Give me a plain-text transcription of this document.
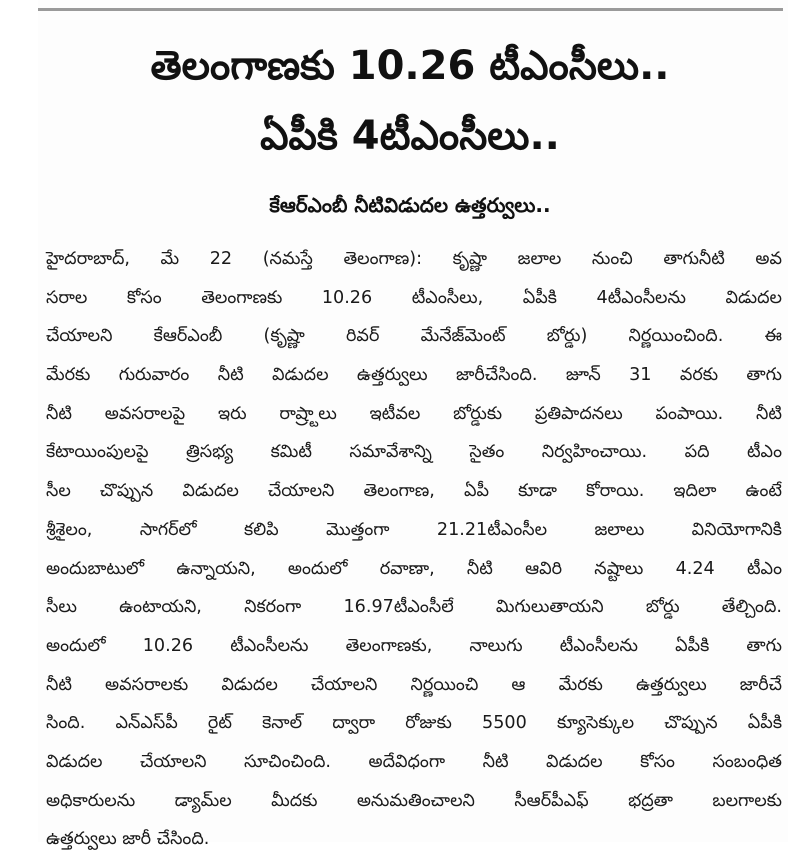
తెలంగాణకు 10.26 టీఎంసీలు..
ఏపీకి 4టీఎంసీలు..
కేఆర్‌ఎంబీ నీటివిడుదల ఉత్తర్వులు..
హైదరాబాద్, మే 22 (నమస్తే తెలంగాణ): కృష్ణా జలాల నుంచి తాగునీటి అవ
సరాల కోసం తెలంగాణకు 10.26 టీఎంసీలు, ఏపీకి 4టీఎంసీలను విడుదల
చేయాలని కేఆర్ఎంబీ (కృష్ణా రివర్ మేనేజ్‌మెంట్ బోర్డు) నిర్ణయించింది. ఈ
మేరకు గురువారం నీటి విడుదల ఉత్తర్వులు జారీచేసింది. జూన్ 31 వరకు తాగు
నీటి అవసరాలపై ఇరు రాష్ర్టాలు ఇటీవల బోర్డుకు ప్రతిపాదనలు పంపాయి. నీటి
కేటాయింపులపై త్రిసభ్య కమిటీ సమావేశాన్ని సైతం నిర్వహించాయి. పది టీఎం
సీల చొప్పున విడుదల చేయాలని తెలంగాణ, ఏపీ కూడా కోరాయి. ఇదిలా ఉంటే
శ్రీశైలం, సాగర్‌లో కలిపి మొత్తంగా 21.21టీఎంసీల జలాలు వినియోగానికి
అందుబాటులో ఉన్నాయని, అందులో రవాణా, నీటి ఆవిరి నష్టాలు 4.24 టీఎం
సీలు ఉంటాయని, నికరంగా 16.97టీఎంసీలే మిగులుతాయని బోర్డు తేల్చింది.
అందులో 10.26 టీఎంసీలను తెలంగాణకు, నాలుగు టీఎంసీలను ఏపీకి తాగు
నీటి అవసరాలకు విడుదల చేయాలని నిర్ణయించి ఆ మేరకు ఉత్తర్వులు జారీచే
సింది. ఎన్ఎస్‌పీ రైట్ కెనాల్ ద్వారా రోజుకు 5500 క్యూసెక్కుల చొప్పున ఏపీకి
విడుదల చేయాలని సూచించింది. అదేవిధంగా నీటి విడుదల కోసం సంబంధిత
అధికారులను డ్యామ్‌ల మీదకు అనుమతించాలని సీఆర్‌పీఎఫ్ భద్రతా బలగాలకు
ఉత్తర్వులు జారీ చేసింది.
